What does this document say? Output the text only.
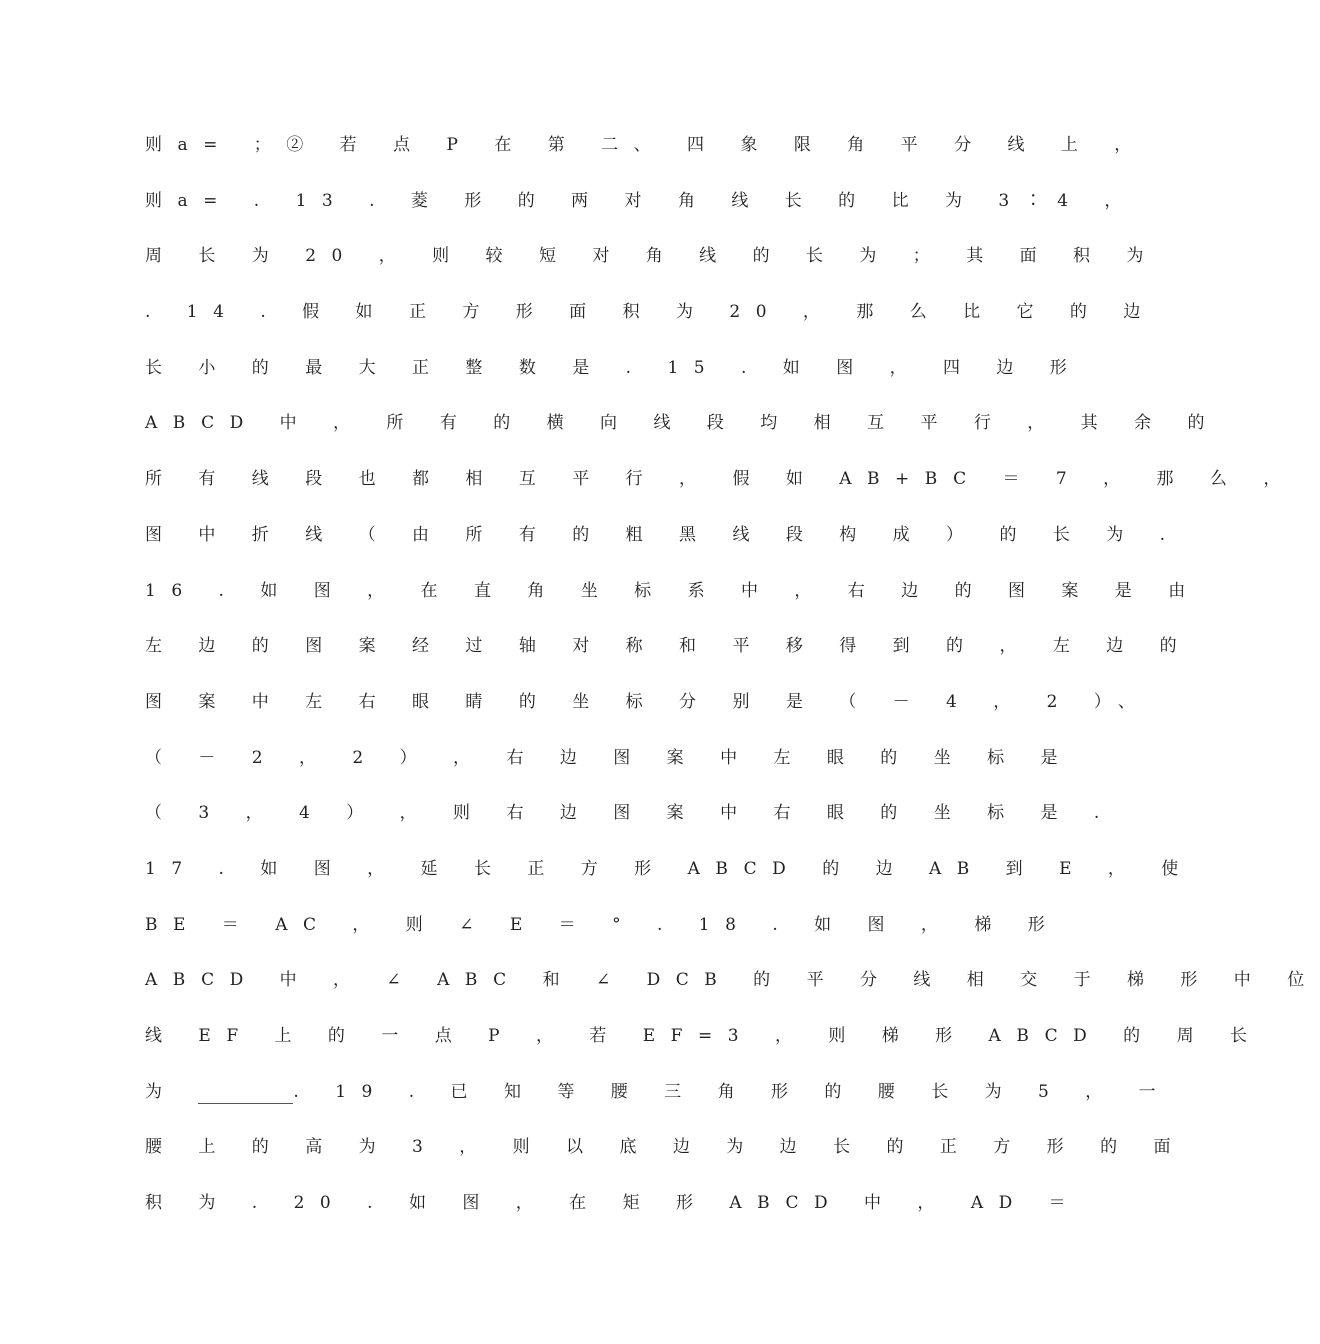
则a= ；② 若 点 P 在 第 二、 四 象 限 角 平 分 线 上 ，
则a= . 13 . 菱 形 的 两 对 角 线 长 的 比 为 3∶4 ，
周 长 为 20 ， 则 较 短 对 角 线 的 长 为 ； 其 面 积 为
. 14 . 假 如 正 方 形 面 积 为 20 ， 那 么 比 它 的 边
长 小 的 最 大 正 整 数 是 . 15 . 如 图 ， 四 边 形
ABCD 中 ， 所 有 的 横 向 线 段 均 相 互 平 行 ， 其 余 的
所 有 线 段 也 都 相 互 平 行 ， 假 如 AB+BC ＝ 7 ， 那 么 ，
图 中 折 线 （ 由 所 有 的 粗 黑 线 段 构 成 ） 的 长 为 .
16 . 如 图 ， 在 直 角 坐 标 系 中 ， 右 边 的 图 案 是 由
左 边 的 图 案 经 过 轴 对 称 和 平 移 得 到 的 ， 左 边 的
图 案 中 左 右 眼 睛 的 坐 标 分 别 是 （ － 4 ， 2 ）、
（ － 2 ， 2 ） ， 右 边 图 案 中 左 眼 的 坐 标 是
（ 3 ， 4 ） ， 则 右 边 图 案 中 右 眼 的 坐 标 是 .
17 . 如 图 ， 延 长 正 方 形 ABCD 的 边 AB 到 E ， 使
BE ＝ AC ， 则 ∠ E ＝ ° . 18 . 如 图 ， 梯 形
ABCD 中 ， ∠ ABC 和 ∠ DCB 的 平 分 线 相 交 于 梯 形 中 位
线 EF 上 的 一 点 P ， 若 EF=3 ， 则 梯 形 ABCD 的 周 长
为	. 19 . 已 知 等 腰 三 角 形 的 腰 长 为 5 ， 一
腰 上 的 高 为 3 ， 则 以 底 边 为 边 长 的 正 方 形 的 面
积 为 . 20 . 如 图 ， 在 矩 形 ABCD 中 ， AD ＝
